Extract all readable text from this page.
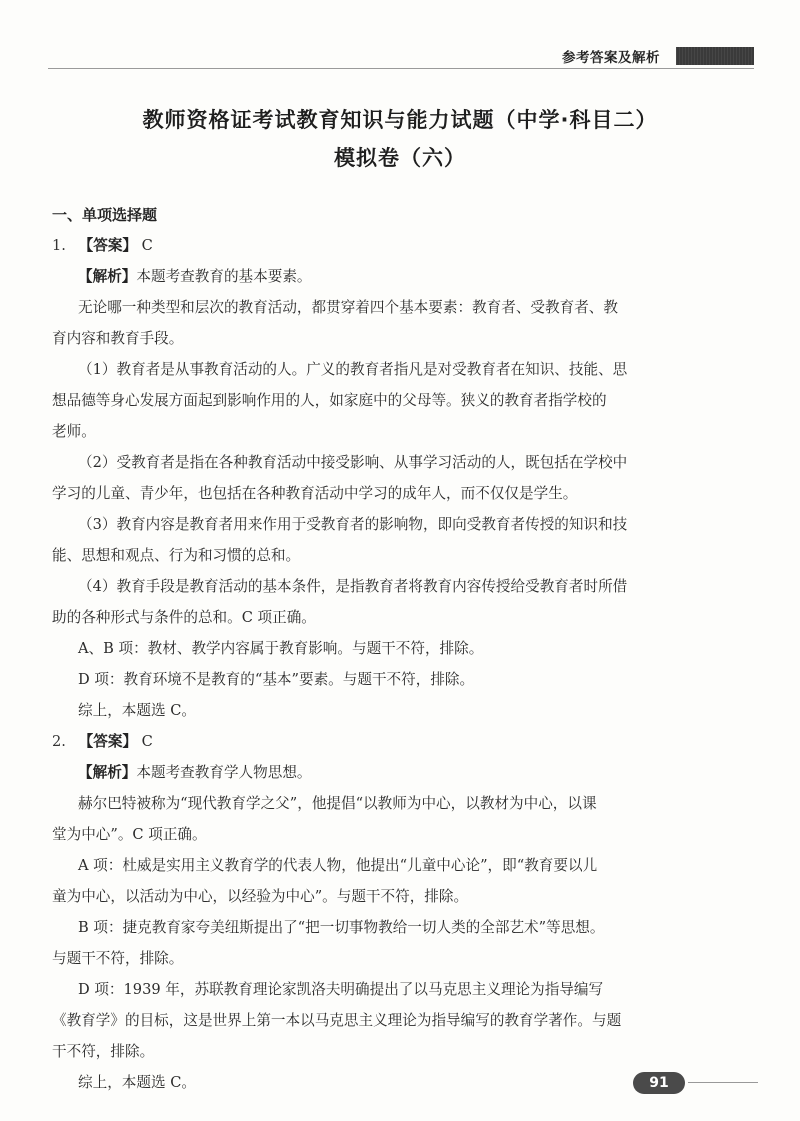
参考答案及解析
教师资格证考试教育知识与能力试题（中学·科目二）
模拟卷（六）
一、单项选择题
1. 【答案】 C
【解析】本题考查教育的基本要素。
无论哪一种类型和层次的教育活动，都贯穿着四个基本要素：教育者、受教育者、教
育内容和教育手段。
（1）教育者是从事教育活动的人。广义的教育者指凡是对受教育者在知识、技能、思
想品德等身心发展方面起到影响作用的人，如家庭中的父母等。狭义的教育者指学校的
老师。
（2）受教育者是指在各种教育活动中接受影响、从事学习活动的人，既包括在学校中
学习的儿童、青少年，也包括在各种教育活动中学习的成年人，而不仅仅是学生。
（3）教育内容是教育者用来作用于受教育者的影响物，即向受教育者传授的知识和技
能、思想和观点、行为和习惯的总和。
（4）教育手段是教育活动的基本条件，是指教育者将教育内容传授给受教育者时所借
助的各种形式与条件的总和。C 项正确。
A、B 项：教材、教学内容属于教育影响。与题干不符，排除。
D 项：教育环境不是教育的“基本”要素。与题干不符，排除。
综上，本题选 C。
2. 【答案】 C
【解析】本题考查教育学人物思想。
赫尔巴特被称为“现代教育学之父”，他提倡“以教师为中心，以教材为中心，以课
堂为中心”。C 项正确。
A 项：杜威是实用主义教育学的代表人物，他提出“儿童中心论”，即“教育要以儿
童为中心，以活动为中心，以经验为中心”。与题干不符，排除。
B 项：捷克教育家夸美纽斯提出了“把一切事物教给一切人类的全部艺术”等思想。
与题干不符，排除。
D 项：1939 年，苏联教育理论家凯洛夫明确提出了以马克思主义理论为指导编写
《教育学》的目标，这是世界上第一本以马克思主义理论为指导编写的教育学著作。与题
干不符，排除。
综上，本题选 C。	91
